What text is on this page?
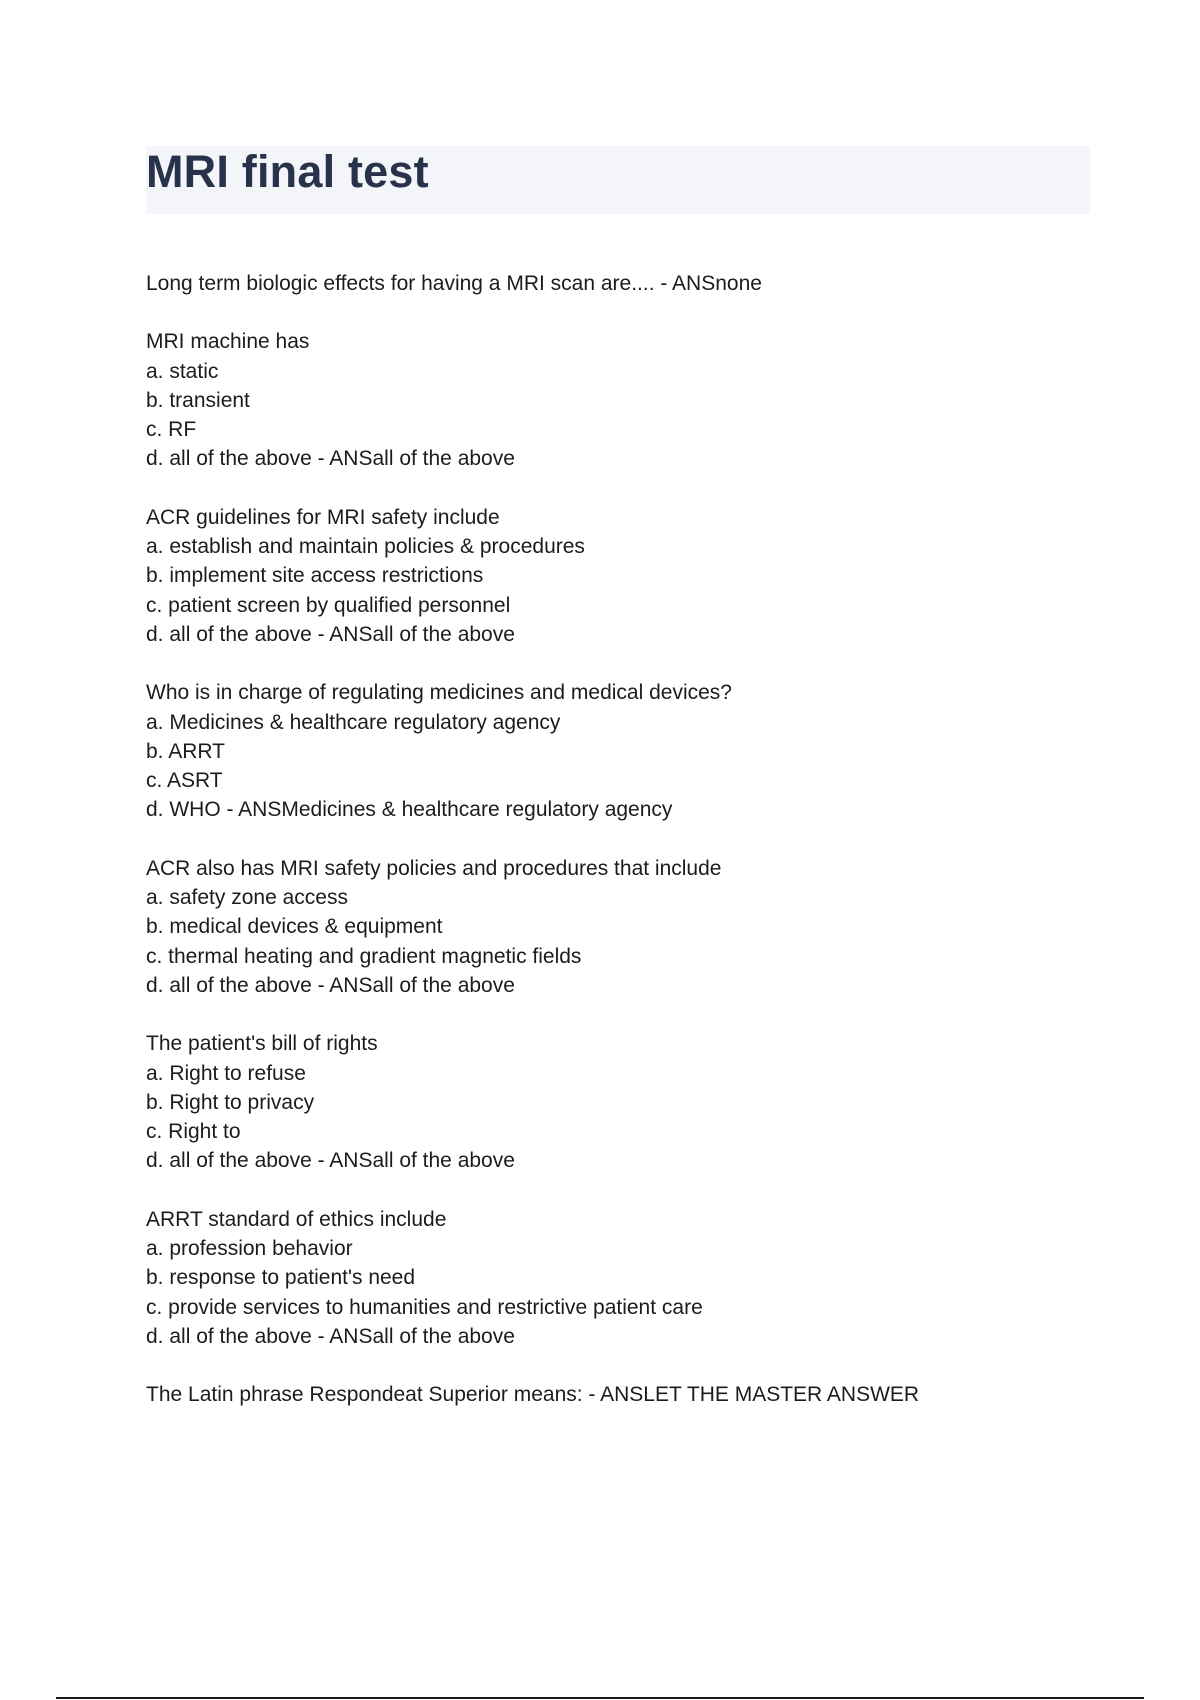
MRI final test
Long term biologic effects for having a MRI scan are.... - ANSnone
MRI machine has
a. static
b. transient
c. RF
d. all of the above - ANSall of the above
ACR guidelines for MRI safety include
a. establish and maintain policies & procedures
b. implement site access restrictions
c. patient screen by qualified personnel
d. all of the above - ANSall of the above
Who is in charge of regulating medicines and medical devices?
a. Medicines & healthcare regulatory agency
b. ARRT
c. ASRT
d. WHO - ANSMedicines & healthcare regulatory agency
ACR also has MRI safety policies and procedures that include
a. safety zone access
b. medical devices & equipment
c. thermal heating and gradient magnetic fields
d. all of the above - ANSall of the above
The patient's bill of rights
a. Right to refuse
b. Right to privacy
c. Right to
d. all of the above - ANSall of the above
ARRT standard of ethics include
a. profession behavior
b. response to patient's need
c. provide services to humanities and restrictive patient care
d. all of the above - ANSall of the above
The Latin phrase Respondeat Superior means: - ANSLET THE MASTER ANSWER
